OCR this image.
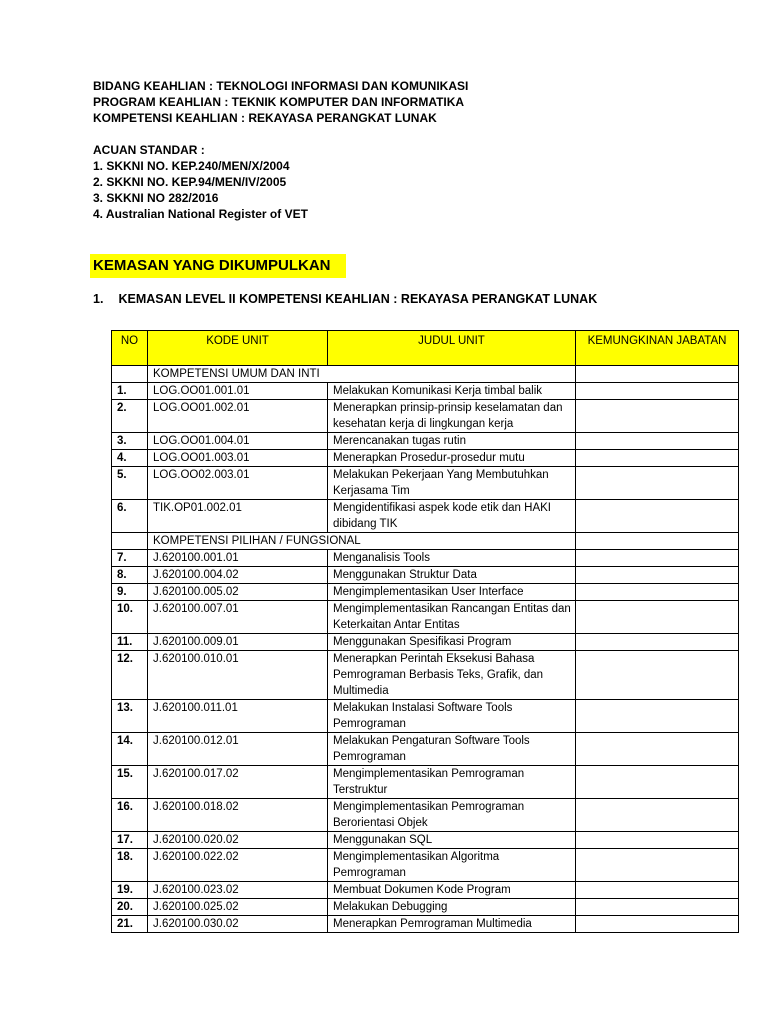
BIDANG KEAHLIAN : TEKNOLOGI INFORMASI DAN KOMUNIKASI
PROGRAM KEAHLIAN : TEKNIK KOMPUTER DAN INFORMATIKA
KOMPETENSI KEAHLIAN : REKAYASA PERANGKAT LUNAK
ACUAN STANDAR :
1. SKKNI NO. KEP.240/MEN/X/2004
2. SKKNI NO. KEP.94/MEN/IV/2005
3. SKKNI NO 282/2016
4. Australian National Register of VET
KEMASAN YANG DIKUMPULKAN
1. KEMASAN LEVEL II KOMPETENSI KEAHLIAN : REKAYASA PERANGKAT LUNAK
NO	KODE UNIT	JUDUL UNIT	KEMUNGKINAN JABATAN
	KOMPETENSI UMUM DAN INTI		
1.	LOG.OO01.001.01	Melakukan Komunikasi Kerja timbal balik	
2.	LOG.OO01.002.01	Menerapkan prinsip-prinsip keselamatan dan kesehatan kerja di lingkungan kerja	
3.	LOG.OO01.004.01	Merencanakan tugas rutin	
4.	LOG.OO01.003.01	Menerapkan Prosedur-prosedur mutu	
5.	LOG.OO02.003.01	Melakukan Pekerjaan Yang Membutuhkan Kerjasama Tim	
6.	TIK.OP01.002.01	Mengidentifikasi aspek kode etik dan HAKI dibidang TIK	
	KOMPETENSI PILIHAN / FUNGSIONAL		
7.	J.620100.001.01	Menganalisis Tools	
8.	J.620100.004.02	Menggunakan Struktur Data	
9.	J.620100.005.02	Mengimplementasikan User Interface	
10.	J.620100.007.01	Mengimplementasikan Rancangan Entitas dan Keterkaitan Antar Entitas	
11.	J.620100.009.01	Menggunakan Spesifikasi Program	
12.	J.620100.010.01	Menerapkan Perintah Eksekusi Bahasa Pemrograman Berbasis Teks, Grafik, dan Multimedia	
13.	J.620100.011.01	Melakukan Instalasi Software Tools Pemrograman	
14.	J.620100.012.01	Melakukan Pengaturan Software Tools Pemrograman	
15.	J.620100.017.02	Mengimplementasikan Pemrograman Terstruktur	
16.	J.620100.018.02	Mengimplementasikan Pemrograman Berorientasi Objek	
17.	J.620100.020.02	Menggunakan SQL	
18.	J.620100.022.02	Mengimplementasikan Algoritma Pemrograman	
19.	J.620100.023.02	Membuat Dokumen Kode Program	
20.	J.620100.025.02	Melakukan Debugging	
21.	J.620100.030.02	Menerapkan Pemrograman Multimedia	
